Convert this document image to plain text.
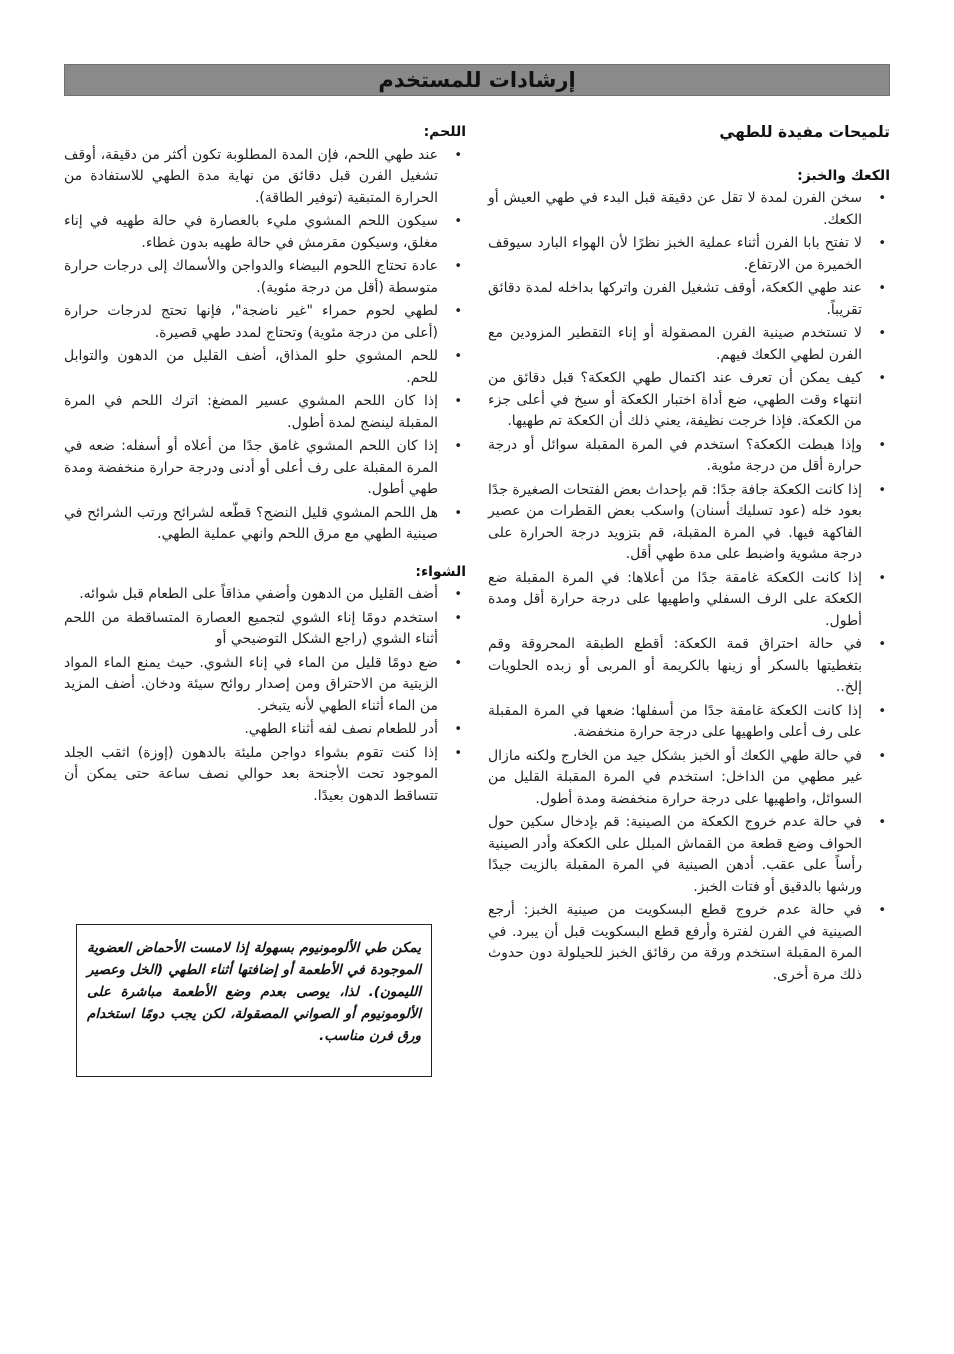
إرشادات للمستخدم
تلميحات مفيدة للطهي
الكعك والخبز:
• سخن الفرن لمدة لا تقل عن دقيقة قبل البدء في طهي العيش أو الكعك.
• لا تفتح بابا الفرن أثناء عملية الخبز نظرًا لأن الهواء البارد سيوقف الخميرة من الارتفاع.
• عند طهي الكعكة، أوقف تشغيل الفرن واتركها بداخله لمدة دقائق تقريباً.
• لا تستخدم صينية الفرن المصقولة أو إناء التقطير المزودين مع الفرن لطهي الكعك فيهم.
• كيف يمكن أن تعرف عند اكتمال طهي الكعكة؟ قبل دقائق من انتهاء وقت الطهي، ضع أداة اختبار الكعكة أو سيخ في أعلى جزء من الكعكة. فإذا خرجت نظيفة، يعني ذلك أن الكعكة تم طهيها.
• وإذا هبطت الكعكة؟ استخدم في المرة المقبلة سوائل أو درجة حرارة أقل من درجة مئوية.
• إذا كانت الكعكة جافة جدًا: قم بإحداث بعض الفتحات الصغيرة جدًا بعود خله (عود تسليك أسنان) واسكب بعض القطرات من عصير الفاكهة فيها. في المرة المقبلة، قم بتزويد درجة الحرارة على درجة مشوية واضبط على مدة طهي أقل.
• إذا كانت الكعكة غامقة جدًا من أعلاها: في المرة المقبلة ضع الكعكة على الرف السفلي واطهيها على درجة حرارة أقل ومدة أطول.
• في حالة احتراق قمة الكعكة: أقطع الطبقة المحروقة وقم بتغطيتها بالسكر أو زينها بالكريمة أو المربى أو زبده الحلويات إلخ..
• إذا كانت الكعكة غامقة جدًا من أسفلها: ضعها في المرة المقبلة على رف أعلى واطهيها على درجة حرارة منخفضة.
• في حالة طهي الكعك أو الخبز بشكل جيد من الخارج ولكنه مازال غير مطهي من الداخل: استخدم في المرة المقبلة القليل من السوائل، واطهيها على درجة حرارة منخفضة ومدة أطول.
• في حالة عدم خروج الكعكة من الصينية: قم بإدخال سكين حول الحواف وضع قطعة من القماش المبلل على الكعكة وأدر الصينية رأساً على عقب. أدهن الصينية في المرة المقبلة بالزيت جيدًا ورشها بالدقيق أو فتات الخبز.
• في حالة عدم خروج قطع البسكويت من صينية الخبز: أرجع الصينية في الفرن لفترة وأرفع قطع البسكويت قبل أن يبرد. في المرة المقبلة استخدم ورقة من رقائق الخبز للحيلولة دون حدوث ذلك مرة أخرى.
اللحم:
• عند طهي اللحم، فإن المدة المطلوبة تكون أكثر من دقيقة، أوقف تشغيل الفرن قبل دقائق من نهاية مدة الطهي للاستفادة من الحرارة المتبقية (توفير الطاقة).
• سيكون اللحم المشوي مليء بالعصارة في حالة طهيه في إناء مغلق، وسيكون مقرمش في حالة طهيه بدون غطاء.
• عادة تحتاج اللحوم البيضاء والدواجن والأسماك إلى درجات حرارة متوسطة (أقل من درجة مئوية).
• لطهي لحوم حمراء "غير ناضجة"، فإنها تحتج لدرجات حرارة (أعلى من درجة مئوية) وتحتاج لمدد طهي قصيرة.
• للحم المشوي حلو المذاق، أضف القليل من الدهون والتوابل للحم.
• إذا كان اللحم المشوي عسير المضغ: اترك اللحم في المرة المقبلة لينضج لمدة أطول.
• إذا كان اللحم المشوي غامق جدًا من أعلاه أو أسفله: ضعه في المرة المقبلة على رف أعلى أو أدنى ودرجة حرارة منخفضة ومدة طهي أطول.
• هل اللحم المشوي قليل النضج؟ قطّعه لشرائح ورتب الشرائح في صينية الطهي مع مرق اللحم وانهي عملية الطهي.
الشواء:
• أضف القليل من الدهون وأضفي مذاقاً على الطعام قبل شوائه.
• استخدم دومًا إناء الشوي لتجميع العصارة المتساقطة من اللحم أثناء الشوي (راجع الشكل التوضيحي أو
• ضع دومًا قليل من الماء في إناء الشوي. حيث يمنع الماء المواد الزيتية من الاحتراق ومن إصدار روائح سيئة ودخان. أضف المزيد من الماء أثناء الطهي لأنه يتبخر.
• أدر للطعام نصف لفه أثناء الطهي.
• إذا كنت تقوم بشواء دواجن مليئة بالدهون (إوزة) اثقب الجلد الموجود تحت الأجنحة بعد حوالي نصف ساعة حتى يمكن أن تتساقط الدهون بعيدًا.
يمكن طي الألومونيوم بسهولة إذا لامست الأحماض العضوية الموجودة في الأطعمة أو إضافتها أثناء الطهي (الخل وعصير الليمون). لذا، يوصى بعدم وضع الأطعمة مباشرة على الألومونيوم أو الصواني المصقولة، لكن يجب دومًا استخدام ورق فرن مناسب.
